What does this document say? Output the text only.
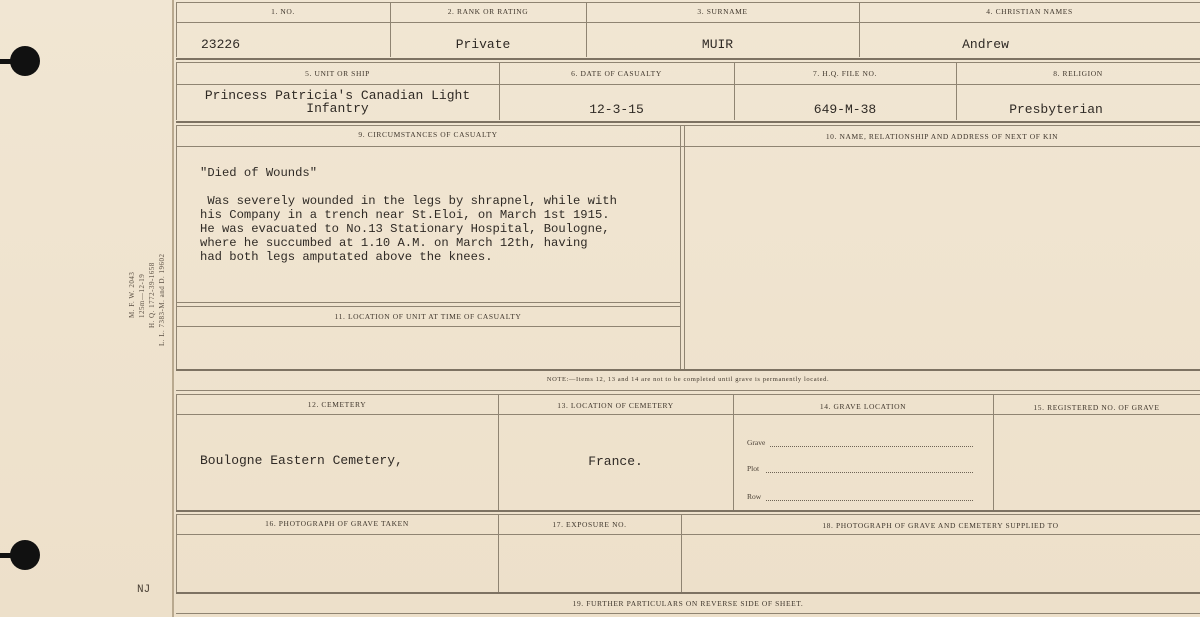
M. F. W. 2043 125m—12-19 H. Q. 1772-39-1658 L. L. 7383-M. and D. 19602
NJ
1. NO.	2. RANK OR RATING	3. SURNAME	4. CHRISTIAN NAMES
23226	Private	MUIR	Andrew
5. UNIT OR SHIP	6. DATE OF CASUALTY	7. H.Q. FILE NO.	8. RELIGION
Princess Patricia's Canadian Light
Infantry	12-3-15	649-M-38	Presbyterian
9. CIRCUMSTANCES OF CASUALTY	10. NAME, RELATIONSHIP AND ADDRESS OF NEXT OF KIN
"Died of Wounds"
Was severely wounded in the legs by shrapnel, while with
his Company in a trench near St.Eloi, on March 1st 1915.
He was evacuated to No.13 Stationary Hospital, Boulogne,
where he succumbed at 1.10 A.M. on March 12th, having
had both legs amputated above the knees.
11. LOCATION OF UNIT AT TIME OF CASUALTY
NOTE:—Items 12, 13 and 14 are not to be completed until grave is permanently located.
12. CEMETERY	13. LOCATION OF CEMETERY	14. GRAVE LOCATION	15. REGISTERED NO. OF GRAVE
Boulogne Eastern Cemetery,	France.
Grave
Plot
Row
16. PHOTOGRAPH OF GRAVE TAKEN	17. EXPOSURE NO.	18. PHOTOGRAPH OF GRAVE AND CEMETERY SUPPLIED TO
19. FURTHER PARTICULARS ON REVERSE SIDE OF SHEET.
